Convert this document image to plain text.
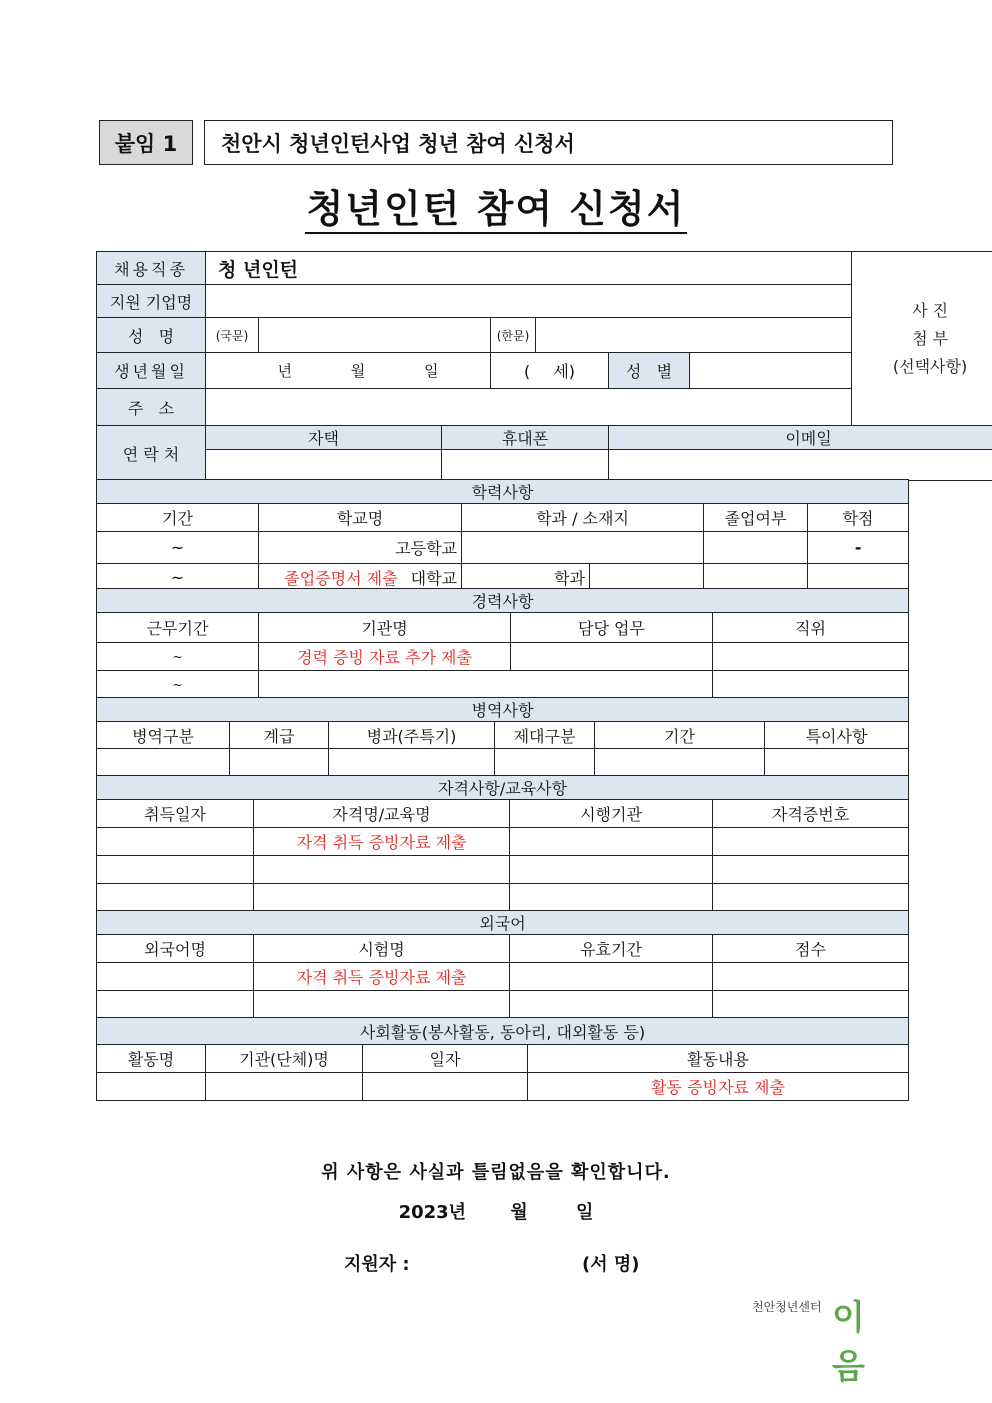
붙임 1	천안시 청년인턴사업 청년 참여 신청서
청년인턴 참여 신청서
채용직종	청 년인턴							사 진
첨 부
(선택사항)

지원 기업명								
성   명	(국문)			(한문)				
생년월일	년 월 일			( 세)		성   별		
주   소								
연 락 처	자택		휴대폰			이메일		

학력사항					
기간	학교명	학과 / 소재지		졸업여부	학점
~	고등학교				-
~	졸업증명서 제출 대학교	학과			
경력사항			
근무기간	기관명	담당 업무	직위
~	경력 증빙 자료 추가 제출		
~			
병역사항					
병역구분	계급	병과(주특기)	제대구분	기간	특이사항

자격사항/교육사항			
취득일자	자격명/교육명	시행기관	자격증번호
	자격 취득 증빙자료 제출		

외국어			
외국어명	시험명	유효기간	점수
	자격 취득 증빙자료 제출		

사회활동(봉사활동, 동아리, 대외활동 등)			
활동명	기관(단체)명	일자	활동내용
			활동 증빙자료 제출
위 사항은 사실과 틀림없음을 확인합니다.
2023년 월	일
지원자 :	(서 명)
천안청년센터 이음
